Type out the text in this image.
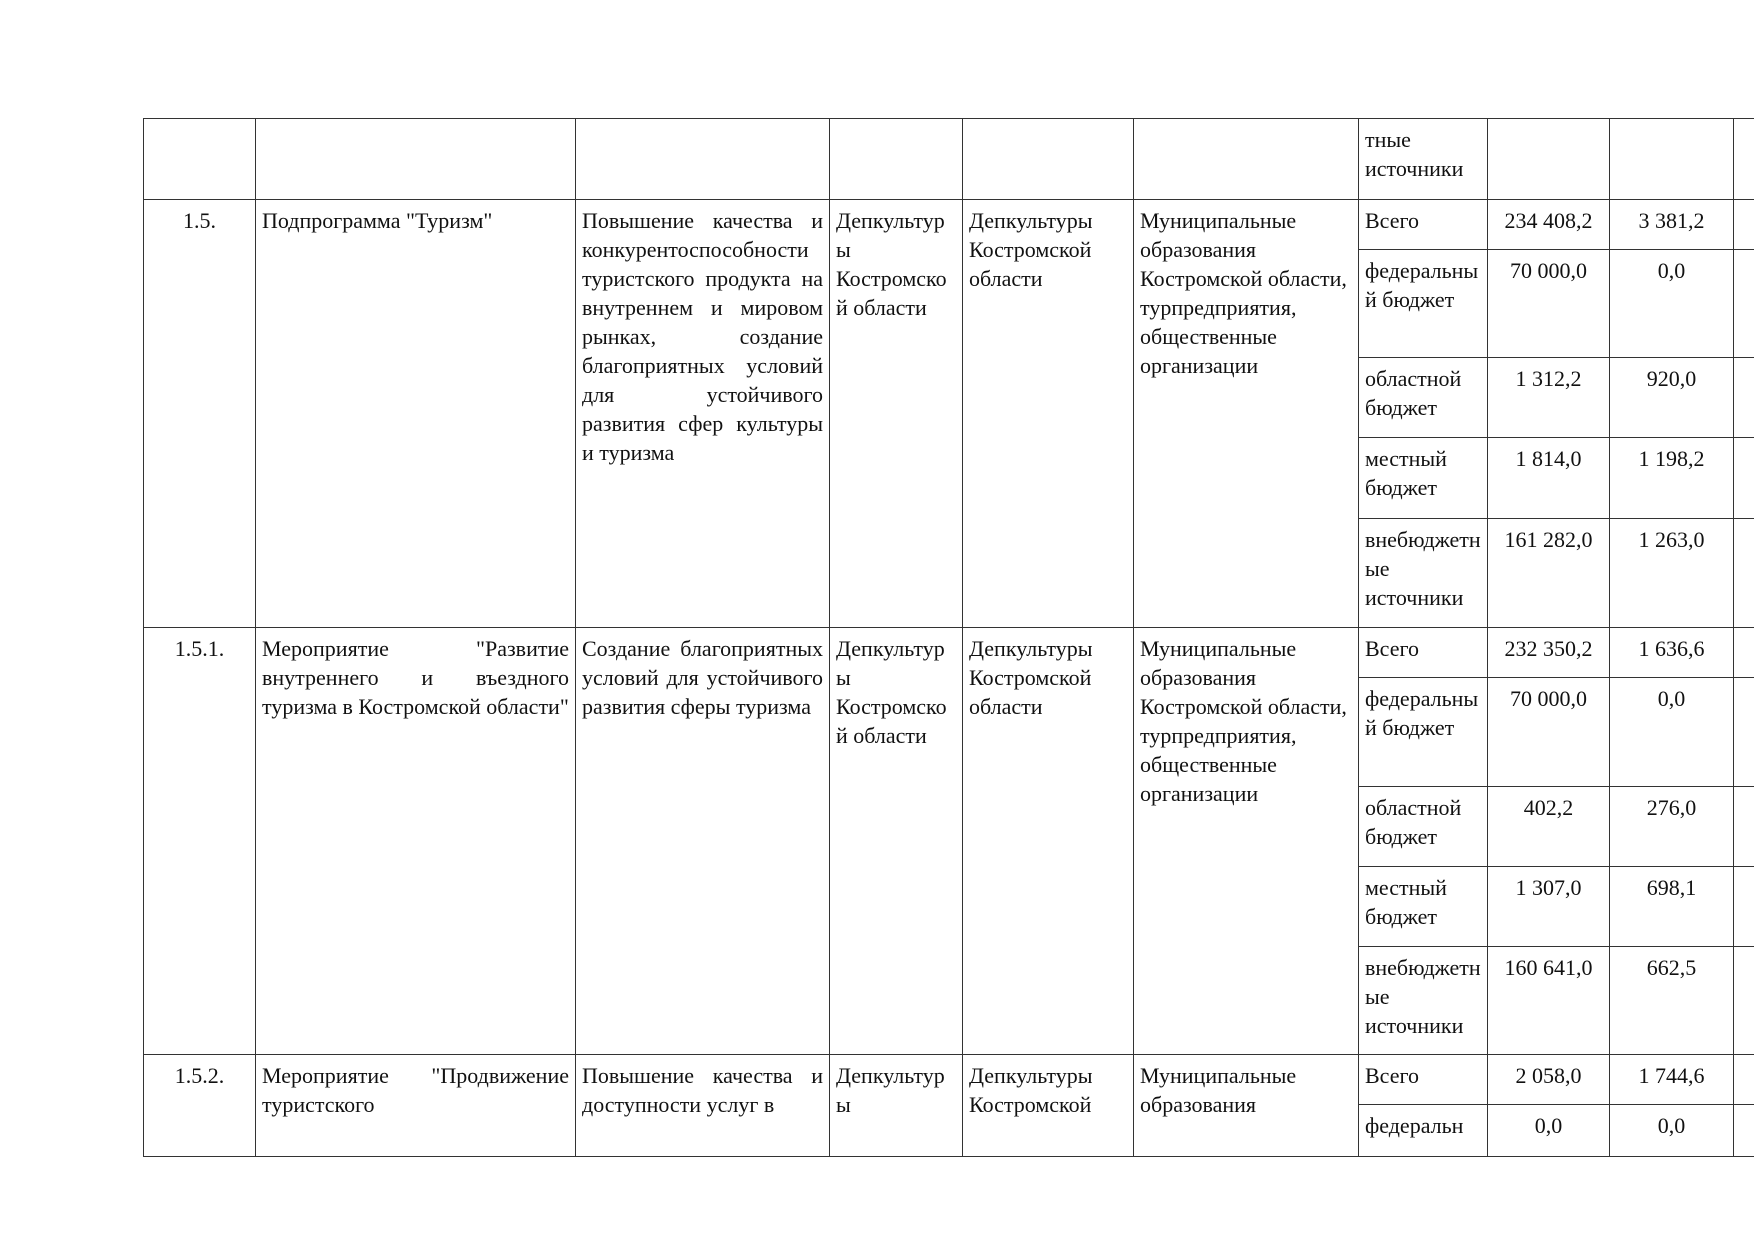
						тные источники			
1.5.	Подпрограмма "Туризм"	Повышение качества и конкурентоспособности туристского продукта на внутреннем и мировом рынках, создание благоприятных условий для устойчивого развития сфер культуры и туризма	Депкультуры Костромской области	Депкультуры Костромской области	Муниципальные образования Костромской области, турпредприятия, общественные организации	Всего	234 408,2	3 381,2	
						федеральный бюджет	70 000,0	0,0	
						областной бюджет	1 312,2	920,0	
						местный бюджет	1 814,0	1 198,2	
						внебюджетные источники	161 282,0	1 263,0	
1.5.1.	Мероприятие "Развитие внутреннего и въездного туризма в Костромской области"	Создание благоприятных условий для устойчивого развития сферы туризма	Депкультуры Костромской области	Депкультуры Костромской области	Муниципальные образования Костромской области, турпредприятия, общественные организации	Всего	232 350,2	1 636,6	
						федеральный бюджет	70 000,0	0,0	
						областной бюджет	402,2	276,0	
						местный бюджет	1 307,0	698,1	
						внебюджетные источники	160 641,0	662,5	
1.5.2.	Мероприятие "Продвижение туристского	Повышение качества и доступности услуг в	Депкультуры	Депкультуры Костромской	Муниципальные образования	Всего	2 058,0	1 744,6	
						федеральн	0,0	0,0	
